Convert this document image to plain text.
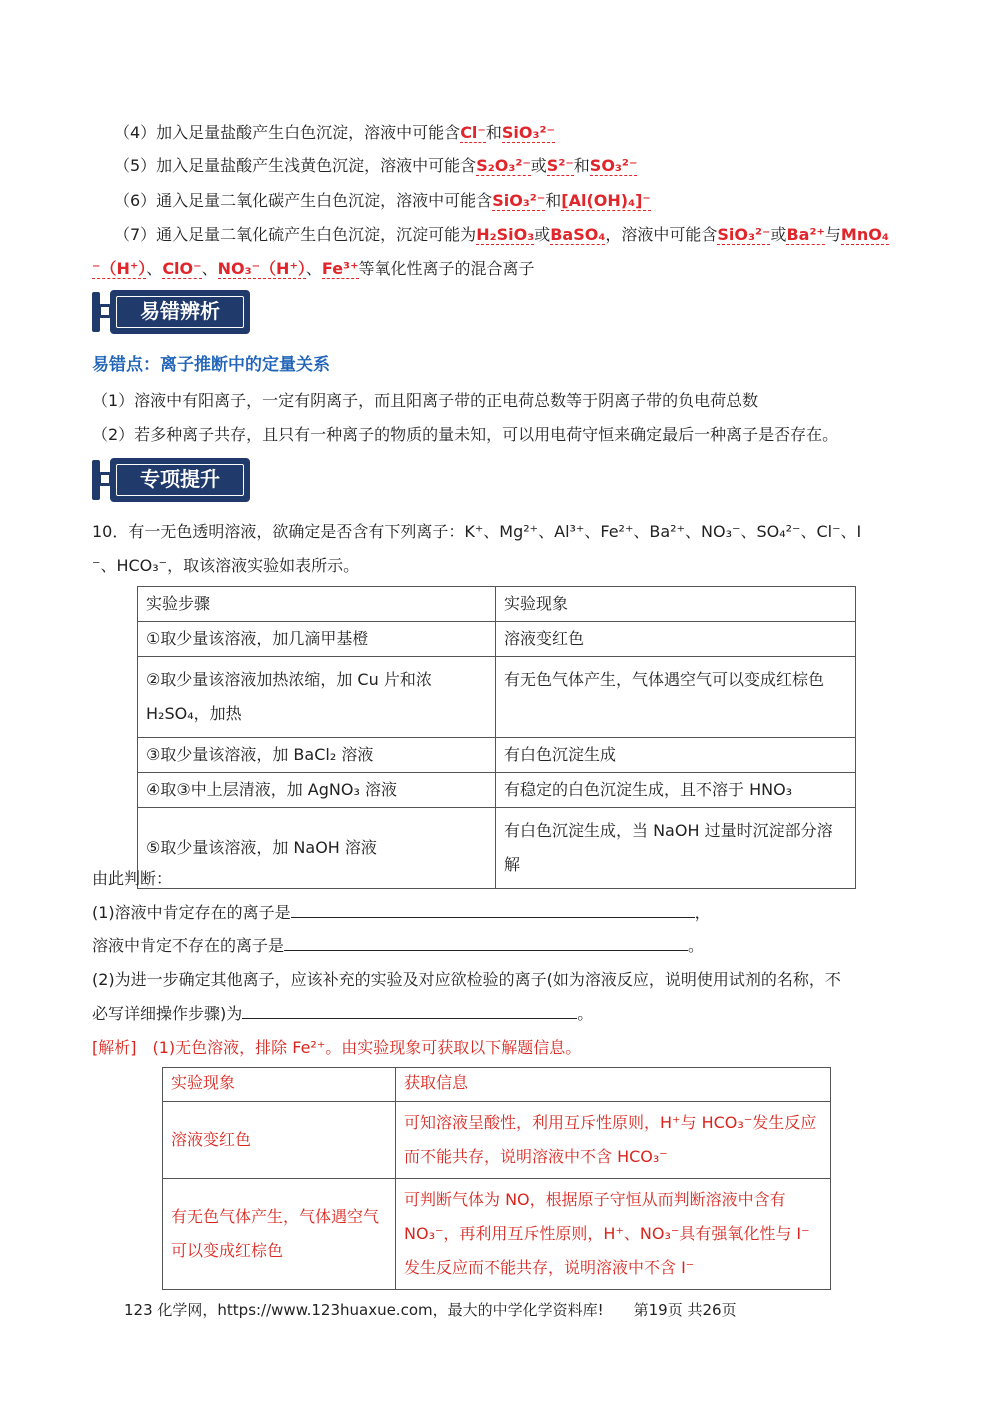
（4）加入足量盐酸产生白色沉淀，溶液中可能含Cl⁻和SiO₃²⁻
（5）加入足量盐酸产生浅黄色沉淀，溶液中可能含S₂O₃²⁻或S²⁻和SO₃²⁻
（6）通入足量二氧化碳产生白色沉淀，溶液中可能含SiO₃²⁻和[Al(OH)₄]⁻
（7）通入足量二氧化硫产生白色沉淀，沉淀可能为H₂SiO₃或BaSO₄，溶液中可能含SiO₃²⁻或Ba²⁺与MnO₄
⁻（H⁺）、ClO⁻、NO₃⁻（H⁺）、Fe³⁺等氧化性离子的混合离子
易错辨析
易错点：离子推断中的定量关系
（1）溶液中有阳离子，一定有阴离子，而且阳离子带的正电荷总数等于阴离子带的负电荷总数
（2）若多种离子共存，且只有一种离子的物质的量未知，可以用电荷守恒来确定最后一种离子是否存在。
专项提升
10．有一无色透明溶液，欲确定是否含有下列离子：K⁺、Mg²⁺、Al³⁺、Fe²⁺、Ba²⁺、NO₃⁻、SO₄²⁻、Cl⁻、I
⁻、HCO₃⁻，取该溶液实验如表所示。
实验步骤	实验现象
①取少量该溶液，加几滴甲基橙	溶液变红色
②取少量该溶液加热浓缩，加 Cu 片和浓 H₂SO₄，加热	有无色气体产生，气体遇空气可以变成红棕色
③取少量该溶液，加 BaCl₂ 溶液	有白色沉淀生成
④取③中上层清液，加 AgNO₃ 溶液	有稳定的白色沉淀生成，且不溶于 HNO₃
⑤取少量该溶液，加 NaOH 溶液	有白色沉淀生成，当 NaOH 过量时沉淀部分溶解
由此判断：
(1)溶液中肯定存在的离子是	，
溶液中肯定不存在的离子是	。
(2)为进一步确定其他离子，应该补充的实验及对应欲检验的离子(如为溶液反应，说明使用试剂的名称，不
必写详细操作步骤)为	。
[解析]　(1)无色溶液，排除 Fe²⁺。由实验现象可获取以下解题信息。
实验现象	获取信息
溶液变红色	可知溶液呈酸性，利用互斥性原则，H⁺与 HCO₃⁻发生反应而不能共存，说明溶液中不含 HCO₃⁻
有无色气体产生，气体遇空气可以变成红棕色	可判断气体为 NO，根据原子守恒从而判断溶液中含有 NO₃⁻，再利用互斥性原则，H⁺、NO₃⁻具有强氧化性与 I⁻发生反应而不能共存，说明溶液中不含 I⁻
123 化学网，https://www.123huaxue.com，最大的中学化学资料库!　　第19页 共26页
